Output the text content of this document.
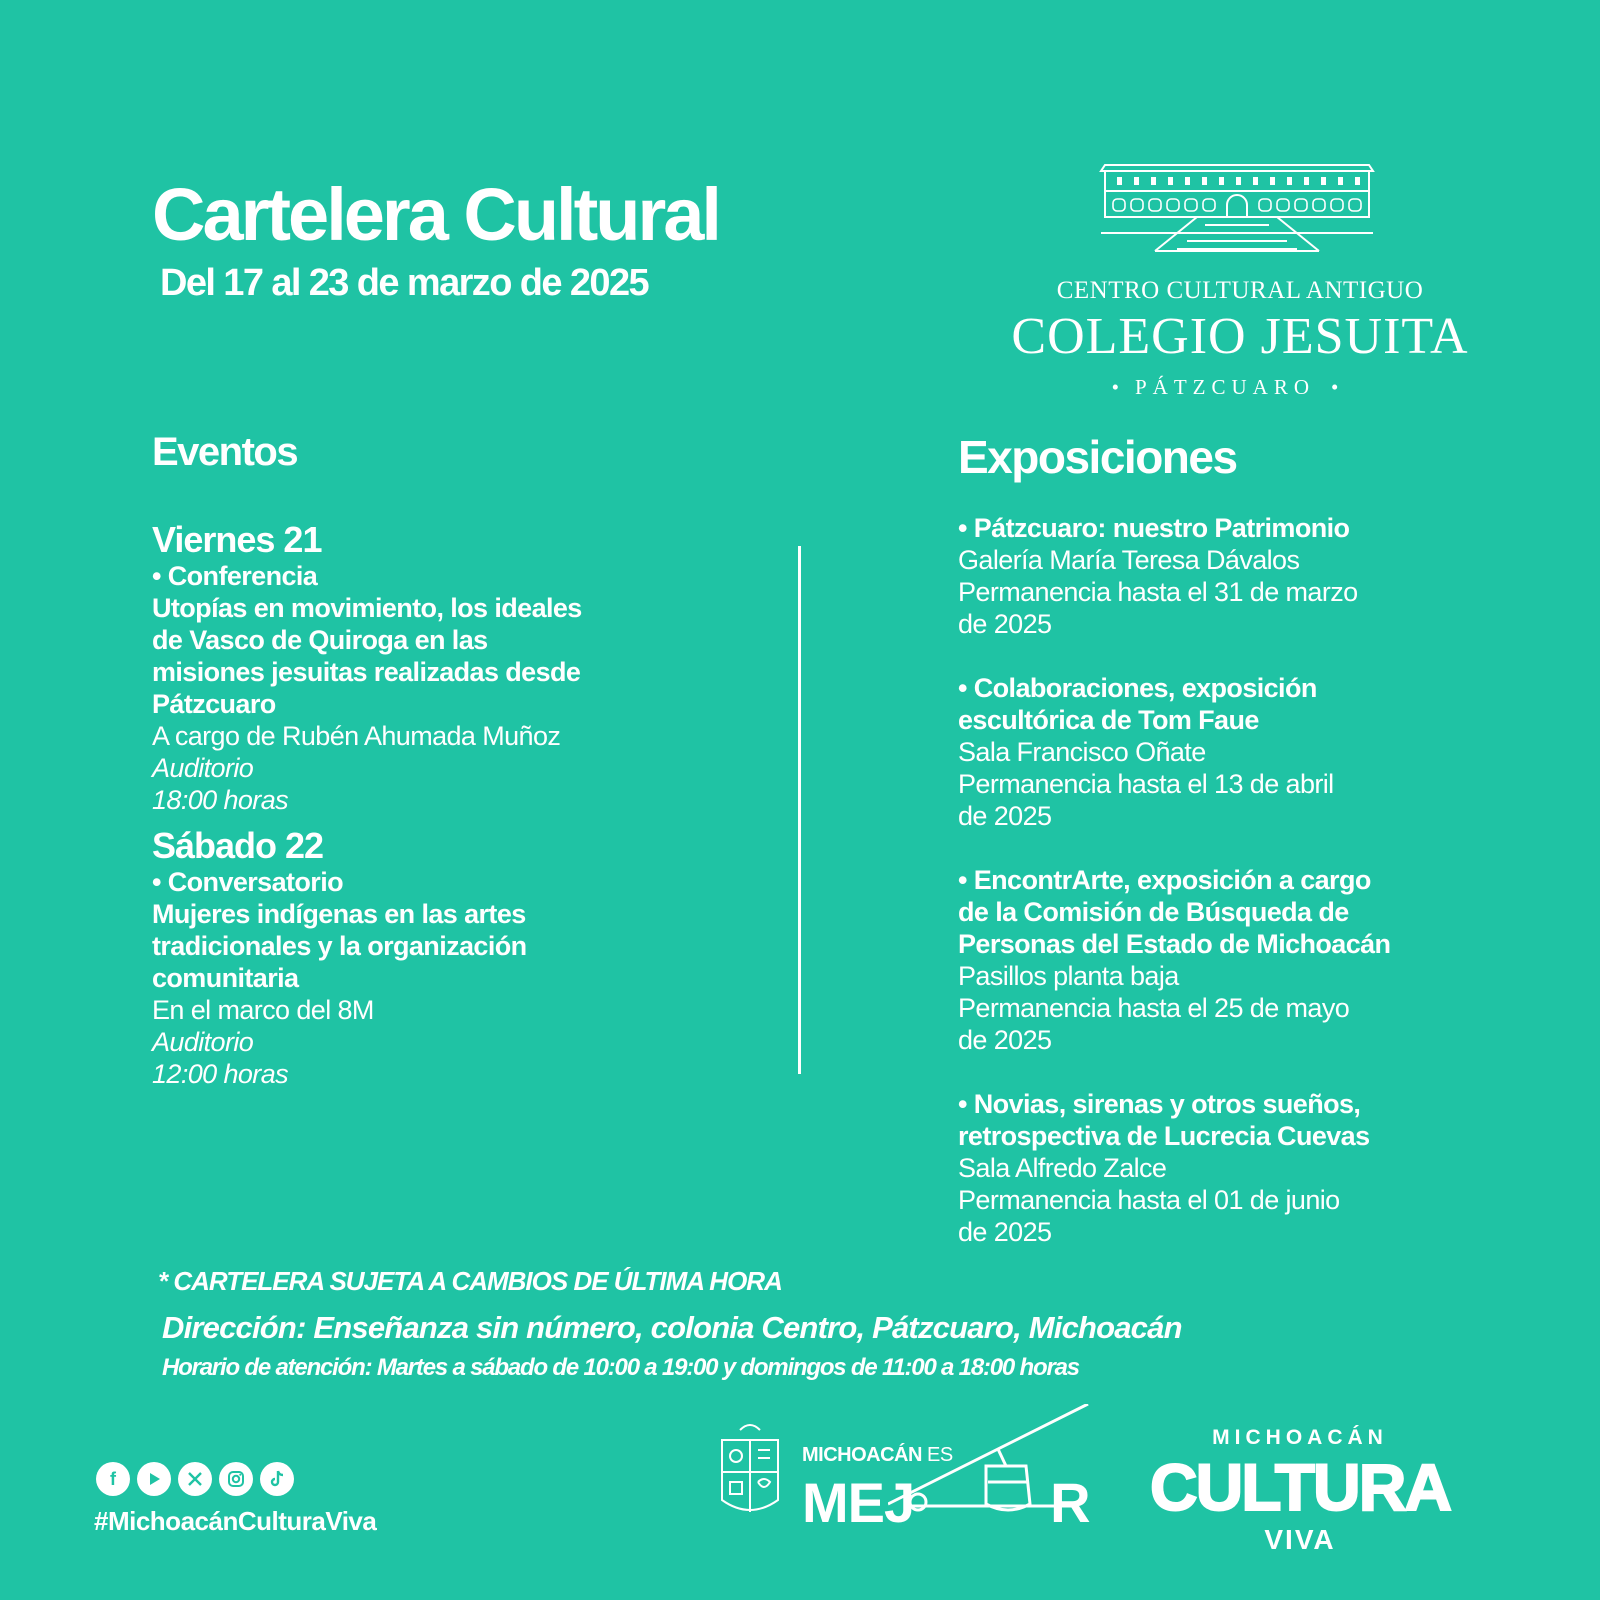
Cartelera Cultural
Del 17 al 23 de marzo de 2025	CENTRO CULTURAL ANTIGUO
COLEGIO JESUITA
• PÁTZCUARO •
Eventos
Viernes 21
• Conferencia
Utopías en movimiento, los ideales
de Vasco de Quiroga en las
misiones jesuitas realizadas desde
Pátzcuaro
A cargo de Rubén Ahumada Muñoz
Auditorio
18:00 horas
Sábado 22
• Conversatorio
Mujeres indígenas en las artes
tradicionales y la organización
comunitaria
En el marco del 8M
Auditorio
12:00 horas
Exposiciones
• Pátzcuaro: nuestro Patrimonio
Galería María Teresa Dávalos
Permanencia hasta el 31 de marzo
de 2025
• Colaboraciones, exposición
escultórica de Tom Faue
Sala Francisco Oñate
Permanencia hasta el 13 de abril
de 2025
• EncontrArte, exposición a cargo
de la Comisión de Búsqueda de
Personas del Estado de Michoacán
Pasillos planta baja
Permanencia hasta el 25 de mayo
de 2025
• Novias, sirenas y otros sueños,
retrospectiva de Lucrecia Cuevas
Sala Alfredo Zalce
Permanencia hasta el 01 de junio
de 2025
* CARTELERA SUJETA A CAMBIOS DE ÚLTIMA HORA
Dirección: Enseñanza sin número, colonia Centro, Pátzcuaro, Michoacán
Horario de atención: Martes a sábado de 10:00 a 19:00 y domingos de 11:00 a 18:00 horas
f
#MichoacánCulturaViva
MICHOACÁN ES
MEJ R
MICHOACÁN
CULTURA
VIVA
